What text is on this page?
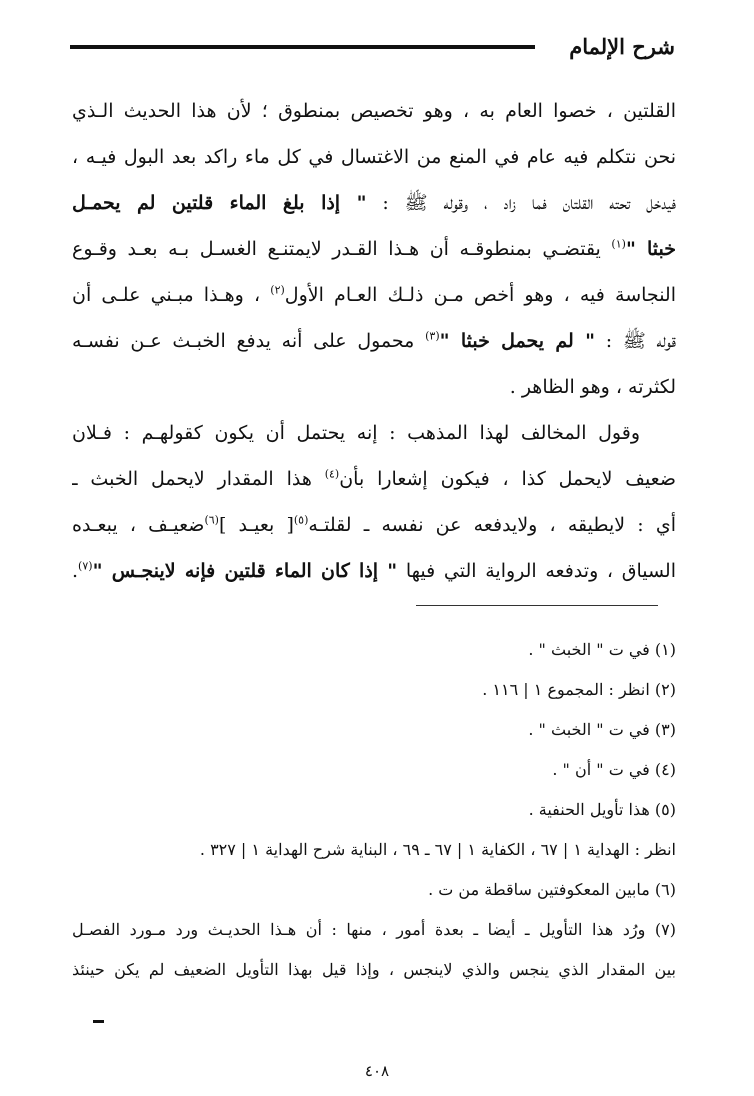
شرح الإلمام
القلتين ، خصوا العام به ، وهو تخصيص بمنطوق ؛ لأن هذا الحديث الـذي
نحن نتكلم فيه عام في المنع من الاغتسال في كل ماء راكد بعد البول فيـه ،
فيدخل تحته القلتان فما زاد ، وقوله ﷺ : " إذا بلغ الماء قلتين لم يحمـل
خبثا "$^{(١)}$ يقتضـي بمنطوقـه أن هـذا القـدر لايمتنـع الغسـل بـه بعـد وقـوع
النجاسة فيه ، وهو أخص مـن ذلـك العـام الأول$^{(٢)}$ ، وهـذا مبـني علـى أن
قوله ﷺ : " لم يحمل خبثا "$^{(٣)}$ محمول على أنه يدفع الخبـث عـن نفسـه
لكثرته ، وهو الظاهر .
وقول المخالف لهذا المذهب : إنه يحتمل أن يكون كقولهـم : فـلان
ضعيف لايحمل كذا ، فيكون إشعارا بأن$^{(٤)}$ هذا المقدار لايحمل الخبث ـ
أي : لايطيقه ، ولايدفعه عن نفسه ـ لقلتـه$^{(٥)}$[ بعيـد ]$^{(٦)}$ضعيـف ، يبعـده
السياق ، وتدفعه الرواية التي فيها " إذا كان الماء قلتين فإنه لاينجـس "$^{(٧)}$.
(١) في ت " الخبث " .
(٢) انظر : المجموع ١ | ١١٦ .
(٣) في ت " الخبث " .
(٤) في ت " أن " .
(٥) هذا تأويل الحنفية .
انظر : الهداية ١ | ٦٧ ، الكفاية ١ | ٦٧ ـ ٦٩ ، البناية شرح الهداية ١ | ٣٢٧ .
(٦) مابين المعكوفتين ساقطة من ت .
(٧) ورُد هذا التأويل ـ أيضا ـ بعدة أمور ، منها : أن هـذا الحديـث ورد مـورد الفصـل
بين المقدار الذي ينجس والذي لاينجس ، وإذا قيل بهذا التأويل الضعيف لم يكن حينئذ
٤٠٨
